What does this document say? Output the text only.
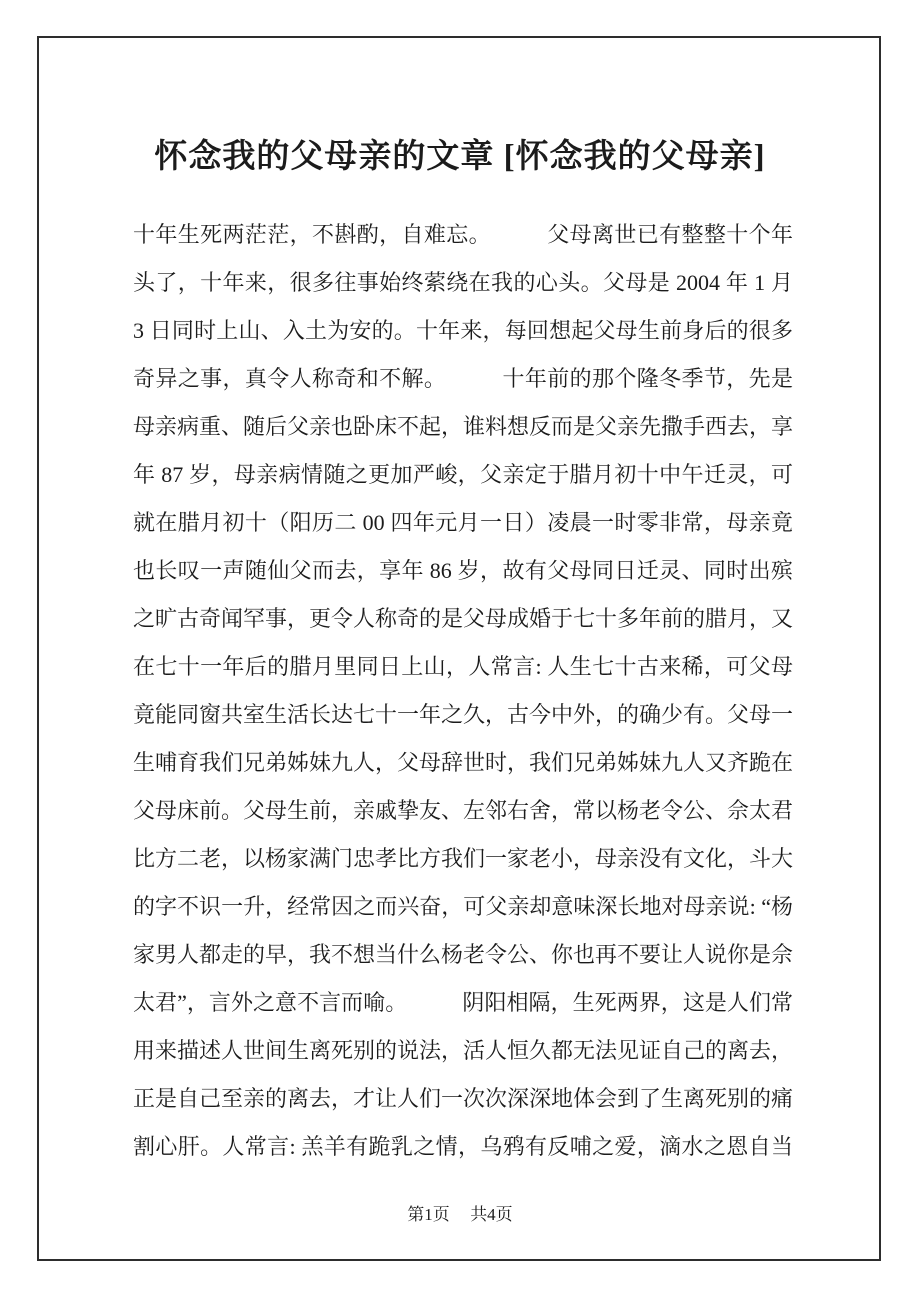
怀念我的父母亲的文章 [怀念我的父母亲]
十年生死两茫茫，不斟酌，自难忘。　　　父母离世已有整整十个年
头了，十年来，很多往事始终萦绕在我的心头。父母是 2004 年 1 月
3 日同时上山、入土为安的。十年来，每回想起父母生前身后的很多
奇异之事，真令人称奇和不解。　　　十年前的那个隆冬季节，先是
母亲病重、随后父亲也卧床不起，谁料想反而是父亲先撒手西去，享
年 87 岁，母亲病情随之更加严峻，父亲定于腊月初十中午迁灵，可
就在腊月初十（阳历二 00 四年元月一日）凌晨一时零非常，母亲竟
也长叹一声随仙父而去，享年 86 岁，故有父母同日迁灵、同时出殡
之旷古奇闻罕事，更令人称奇的是父母成婚于七十多年前的腊月，又
在七十一年后的腊月里同日上山，人常言: 人生七十古来稀，可父母
竟能同窗共室生活长达七十一年之久，古今中外，的确少有。父母一
生哺育我们兄弟姊妹九人，父母辞世时，我们兄弟姊妹九人又齐跪在
父母床前。父母生前，亲戚挚友、左邻右舍，常以杨老令公、佘太君
比方二老，以杨家满门忠孝比方我们一家老小，母亲没有文化，斗大
的字不识一升，经常因之而兴奋，可父亲却意味深长地对母亲说: “杨
家男人都走的早，我不想当什么杨老令公、你也再不要让人说你是佘
太君”，言外之意不言而喻。　　　阴阳相隔，生死两界，这是人们常
用来描述人世间生离死别的说法，活人恒久都无法见证自己的离去，
正是自己至亲的离去，才让人们一次次深深地体会到了生离死别的痛
割心肝。人常言: 羔羊有跪乳之情，乌鸦有反哺之爱，滴水之恩自当
第1页 共4页
